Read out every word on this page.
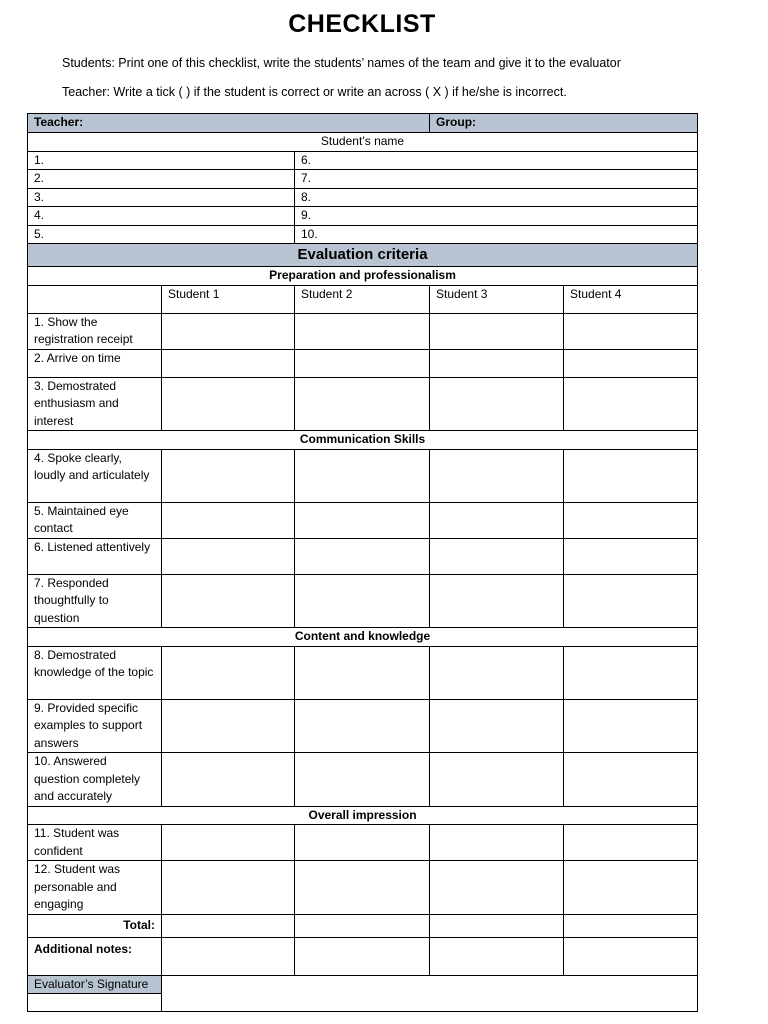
CHECKLIST
Students: Print one of this checklist, write the students’ names of the team and give it to the evaluator
Teacher: Write a tick ( ) if the student is correct or write an across ( X ) if he/she is incorrect.
Teacher:			Group:	
Student’s name				
1.		6.		
2.		7.		
3.		8.		
4.		9.		
5.		10.		
Evaluation criteria				
Preparation and professionalism				
	Student 1	Student 2	Student 3	Student 4
1. Show the registration receipt				
2. Arrive on time				
3. Demostrated enthusiasm and interest				
Communication Skills				
4. Spoke clearly, loudly and articulately				
5. Maintained eye contact				
6. Listened attentively				
7. Responded thoughtfully to question				
Content and knowledge				
8. Demostrated knowledge of the topic				
9. Provided specific examples to support answers				
10. Answered question completely and accurately				
Overall impression				
11. Student was confident				
12. Student was personable and engaging				
Total:				
Additional notes:				
Evaluator’s Signature				
